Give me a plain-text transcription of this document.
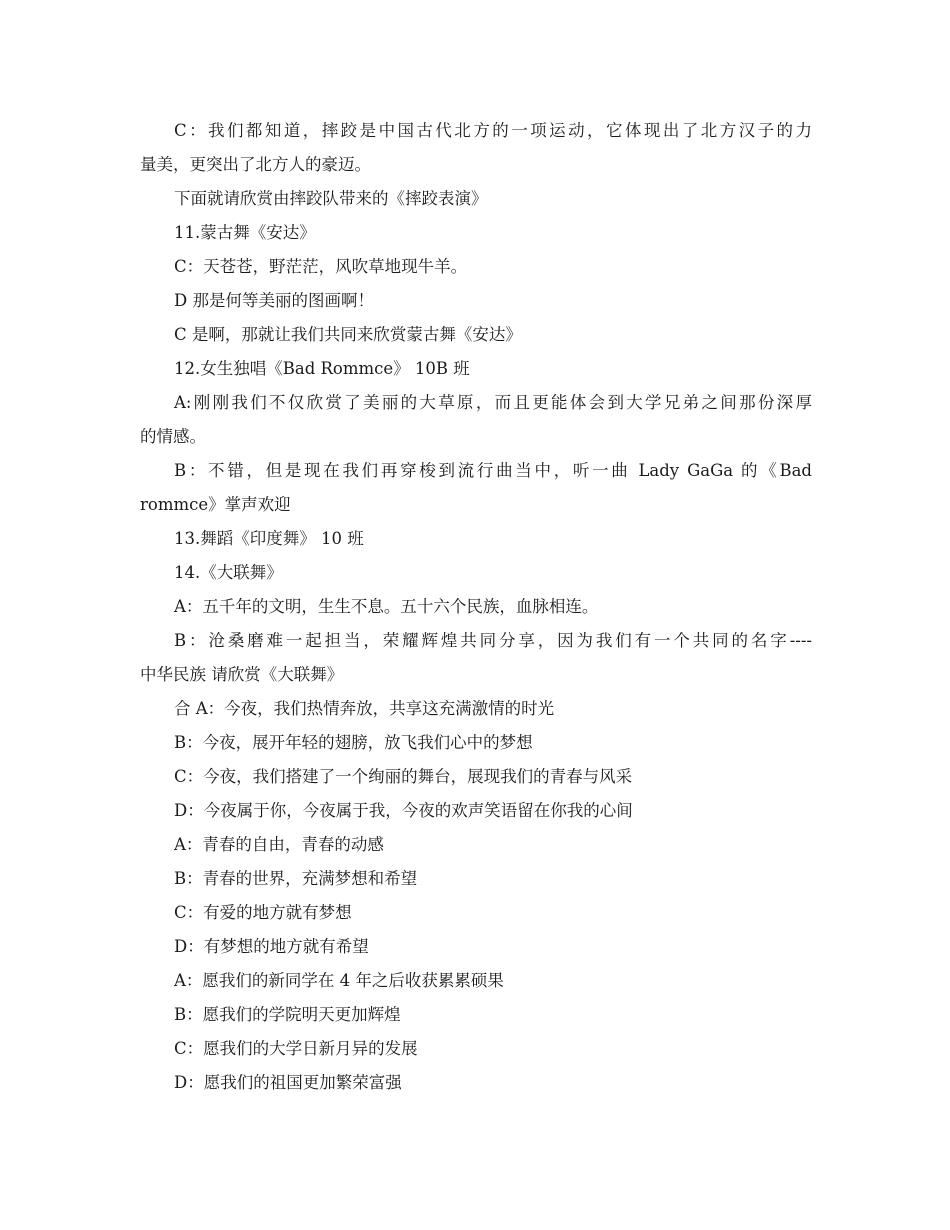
C：我们都知道，摔跤是中国古代北方的一项运动，它体现出了北方汉子的力
量美，更突出了北方人的豪迈。
下面就请欣赏由摔跤队带来的《摔跤表演》
11.蒙古舞《安达》
C：天苍苍，野茫茫，风吹草地现牛羊。
D 那是何等美丽的图画啊！
C 是啊，那就让我们共同来欣赏蒙古舞《安达》
12.女生独唱《Bad Rommce》 10B 班
A:刚刚我们不仅欣赏了美丽的大草原，而且更能体会到大学兄弟之间那份深厚
的情感。
B：不错，但是现在我们再穿梭到流行曲当中，听一曲 Lady GaGa 的《Bad
rommce》掌声欢迎
13.舞蹈《印度舞》 10 班
14.《大联舞》
A：五千年的文明，生生不息。五十六个民族，血脉相连。
B：沧桑磨难一起担当，荣耀辉煌共同分享，因为我们有一个共同的名字----
中华民族 请欣赏《大联舞》
合 A：今夜，我们热情奔放，共享这充满激情的时光
B：今夜，展开年轻的翅膀，放飞我们心中的梦想
C：今夜，我们搭建了一个绚丽的舞台，展现我们的青春与风采
D：今夜属于你，今夜属于我，今夜的欢声笑语留在你我的心间
A：青春的自由，青春的动感
B：青春的世界，充满梦想和希望
C：有爱的地方就有梦想
D：有梦想的地方就有希望
A：愿我们的新同学在 4 年之后收获累累硕果
B：愿我们的学院明天更加辉煌
C：愿我们的大学日新月异的发展
D：愿我们的祖国更加繁荣富强
